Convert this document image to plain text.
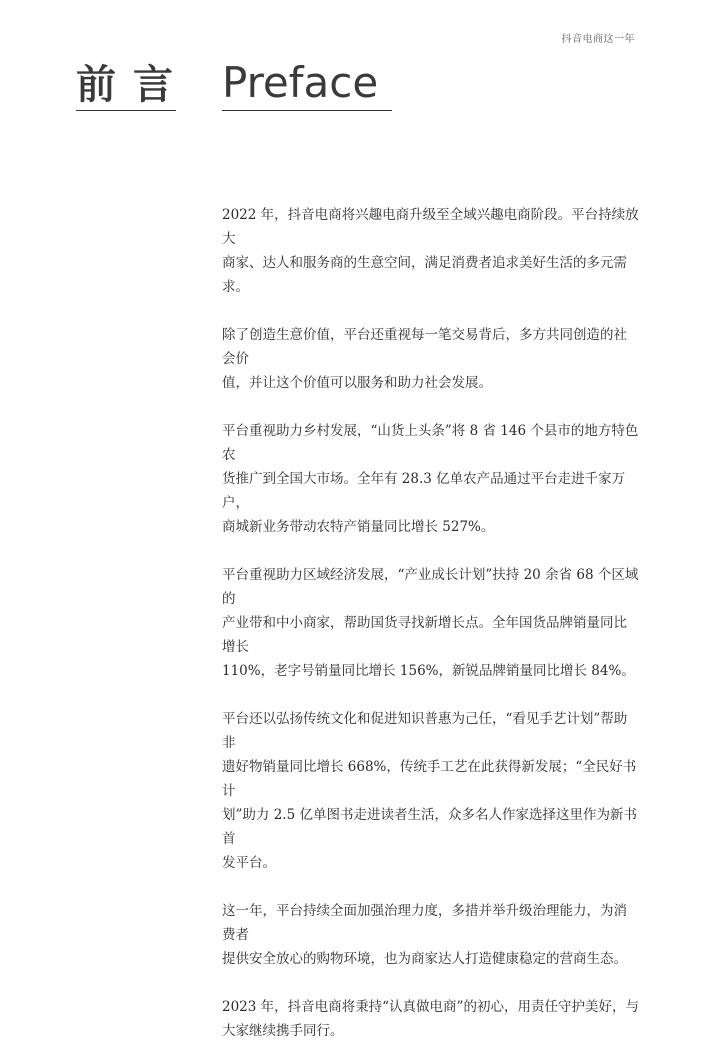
抖音电商这一年
前言 Preface
2022 年，抖音电商将兴趣电商升级至全域兴趣电商阶段。平台持续放大
商家、达人和服务商的生意空间，满足消费者追求美好生活的多元需求。
除了创造生意价值，平台还重视每一笔交易背后，多方共同创造的社会价
值，并让这个价值可以服务和助力社会发展。
平台重视助力乡村发展，“山货上头条”将 8 省 146 个县市的地方特色农
货推广到全国大市场。全年有 28.3 亿单农产品通过平台走进千家万户，
商城新业务带动农特产销量同比增长 527%。
平台重视助力区域经济发展，“产业成长计划”扶持 20 余省 68 个区域的
产业带和中小商家，帮助国货寻找新增长点。全年国货品牌销量同比增长
110%，老字号销量同比增长 156%，新锐品牌销量同比增长 84%。
平台还以弘扬传统文化和促进知识普惠为己任，“看见手艺计划”帮助非
遗好物销量同比增长 668%，传统手工艺在此获得新发展；“全民好书计
划”助力 2.5 亿单图书走进读者生活，众多名人作家选择这里作为新书首
发平台。
这一年，平台持续全面加强治理力度，多措并举升级治理能力，为消费者
提供安全放心的购物环境，也为商家达人打造健康稳定的营商生态。
2023 年，抖音电商将秉持“认真做电商”的初心，用责任守护美好，与
大家继续携手同行。
